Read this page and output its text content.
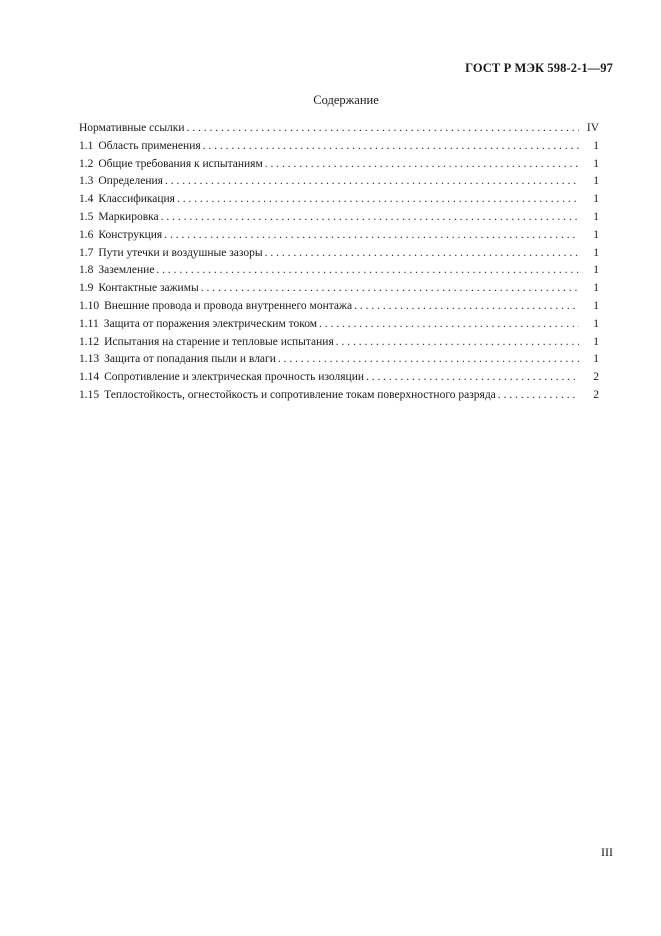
ГОСТ Р МЭК 598-2-1—97
Содержание
Нормативные ссылки . . .	IV
1.1 Область применения . . .	1
1.2 Общие требования к испытаниям . . .	1
1.3 Определения . . .	1
1.4 Классификация . . .	1
1.5 Маркировка . . .	1
1.6 Конструкция . . .	1
1.7 Пути утечки и воздушные зазоры . . .	1
1.8 Заземление . . .	1
1.9 Контактные зажимы . . .	1
1.10 Внешние провода и провода внутреннего монтажа . . .	1
1.11 Защита от поражения электрическим током . . .	1
1.12 Испытания на старение и тепловые испытания . . .	1
1.13 Защита от попадания пыли и влаги . . .	1
1.14 Сопротивление и электрическая прочность изоляции . . .	2
1.15 Теплостойкость, огнестойкость и сопротивление токам поверхностного разряда . . .	2
III
